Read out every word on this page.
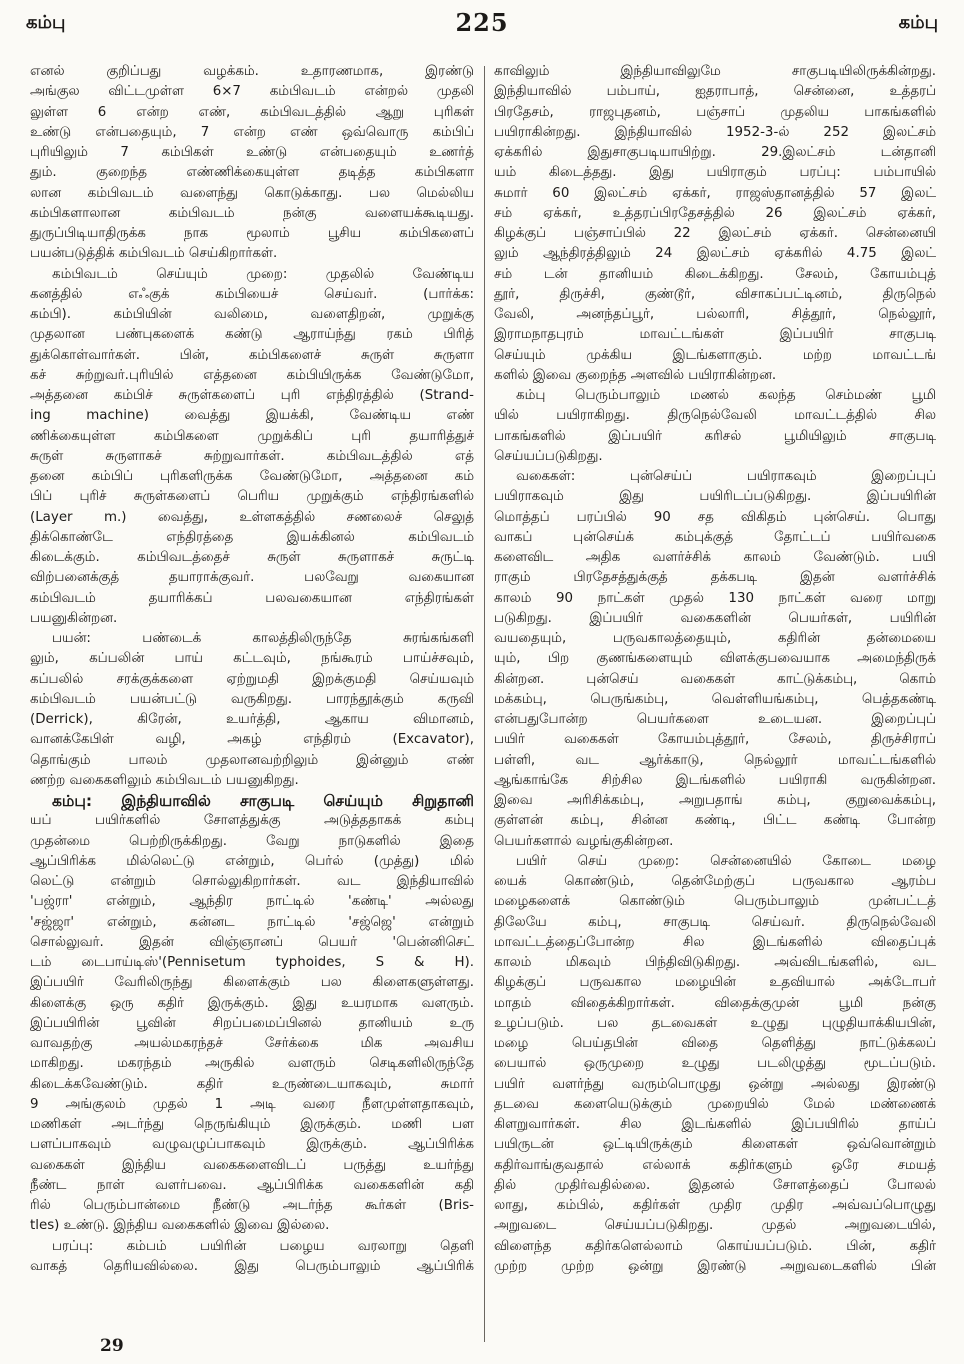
கம்பு	225	கம்பு
எனல் குறிப்பது வழக்கம். உதாரணமாக, இரண்டு
அங்குல விட்டமுள்ள 6×7 கம்பிவடம் என்றல் முதலி
லுள்ள 6 என்ற எண், கம்பிவடத்தில் ஆறு புரிகள்
உண்டு என்பதையும், 7 என்ற எண் ஒவ்வொரு கம்பிப்
புரியிலும் 7 கம்பிகள் உண்டு என்பதையும் உணர்த்
தும். குறைந்த எண்ணிக்கையுள்ள தடித்த கம்பிகளா
லான கம்பிவடம் வளைந்து கொடுக்காது. பல மெல்லிய
கம்பிகளாலான கம்பிவடம் நன்கு வளையக்கூடியது.
துருப்பிடியாதிருக்க நாக மூலாம் பூசிய கம்பிகளைப்
பயன்படுத்திக் கம்பிவடம் செய்கிறார்கள்.
கம்பிவடம் செய்யும் முறை: முதலில் வேண்டிய
கனத்தில் எஃகுக் கம்பியைச் செய்வர். (பார்க்க:
கம்பி). கம்பியின் வலிமை, வளைதிறன், முறுக்கு
முதலான பண்புகளைக் கண்டு ஆராய்ந்து ரகம் பிரித்
துக்கொள்வார்கள். பின், கம்பிகளைச் சுருள் சுருளா
கச் சுற்றுவர்.புரியில் எத்தனை கம்பியிருக்க வேண்டுமோ,
அத்தனை கம்பிச் சுருள்களைப் புரி எந்திரத்தில் (Strand-
ing machine) வைத்து இயக்கி, வேண்டிய எண்
ணிக்கையுள்ள கம்பிகளை முறுக்கிப் புரி தயாரித்துச்
சுருள் சுருளாகச் சுற்றுவார்கள். கம்பிவடத்தில் எத்
தனை கம்பிப் புரிகளிருக்க வேண்டுமோ, அத்தனை கம்
பிப் புரிச் சுருள்களைப் பெரிய முறுக்கும் எந்திரங்களில்
(Layer m.) வைத்து, உள்ளகத்தில் சணலைச் செலுத்
திக்கொண்டே எந்திரத்தை இயக்கினல் கம்பிவடம்
கிடைக்கும். கம்பிவடத்தைச் சுருள் சுருளாகச் சுருட்டி
விற்பனைக்குத் தயாராக்குவர். பலவேறு வகையான
கம்பிவடம் தயாரிக்கப் பலவகையான எந்திரங்கள்
பயனுகின்றன.
பயன்: பண்டைக் காலத்திலிருந்தே சுரங்கங்களி
லும், கப்பலின் பாய் கட்டவும், நங்கூரம் பாய்ச்சவும்,
கப்பலில் சரக்குக்களை ஏற்றுமதி இறக்குமதி செய்யவும்
கம்பிவடம் பயன்பட்டு வருகிறது. பாரந்தூக்கும் கருவி
(Derrick), கிரேன், உயர்த்தி, ஆகாய விமானம்,
வானக்கேபிள் வழி, அகழ் எந்திரம் (Excavator),
தொங்கும் பாலம் முதலானவற்றிலும் இன்னும் எண்
ணற்ற வகைகளிலும் கம்பிவடம் பயனுகிறது.
கம்பு: இந்தியாவில் சாகுபடி செய்யும் சிறுதானி
யப் பயிர்களில் சோளத்துக்கு அடுத்ததாகக் கம்பு
முதன்மை பெற்றிருக்கிறது. வேறு நாடுகளில் இதை
ஆப்பிரிக்க மில்லெட்டு என்றும், பெர்ல் (முத்து) மில்
லெட்டு என்றும் சொல்லுகிறார்கள். வட இந்தியாவில்
'பஜ்ரா' என்றும், ஆந்திர நாட்டில் 'கண்டி' அல்லது
'சஜ்ஜா' என்றும், கன்னட நாட்டில் 'சஜ்ஜெ' என்றும்
சொல்லுவர். இதன் விஞ்ஞானப் பெயர் 'பென்னிசெட்
டம் டைபாய்டிஸ்'(Pennisetum typhoides, S & H).
இப்பயிர் வேரிலிருந்து கிளைக்கும் பல கிளைகளுள்ளது.
கிளைக்கு ஒரு கதிர் இருக்கும். இது உயரமாக வளரும்.
இப்பயிரின் பூவின் சிறப்பமைப்பினல் தானியம் உரு
வாவதற்கு அயல்மகரந்தச் சேர்க்கை மிக அவசிய
மாகிறது. மகரந்தம் அருகில் வளரும் செடிகளிலிருந்தே
கிடைக்கவேண்டும். கதிர் உருண்டையாகவும், சுமார்
9 அங்குலம் முதல் 1 அடி வரை நீளமுள்ளதாகவும்,
மணிகள் அடர்ந்து நெருங்கியும் இருக்கும். மணி பள
பளப்பாகவும் வழுவழுப்பாகவும் இருக்கும். ஆப்பிரிக்க
வகைகள் இந்திய வகைகளைவிடப் பருத்து உயர்ந்து
நீண்ட நாள் வளர்பவை. ஆப்பிரிக்க வகைகளின் கதி
ரில் பெரும்பான்மை நீண்டு அடர்ந்த கூர்கள் (Bris-
tles) உண்டு. இந்திய வகைகளில் இவை இல்லை.
பரப்பு: கம்பம் பயிரின் பழைய வரலாறு தெளி
வாகத் தெரியவில்லை. இது பெரும்பாலும் ஆப்பிரிக்
காவிலும் இந்தியாவிலுமே சாகுபடியிலிருக்கின்றது.
இந்தியாவில் பம்பாய், ஐதராபாத், சென்னை, உத்தரப்
பிரதேசம், ராஜபுதனம், பஞ்சாப் முதலிய பாகங்களில்
பயிராகின்றது. இந்தியாவில் 1952-3-ல் 252 இலட்சம்
ஏக்கரில் இதுசாகுபடியாயிற்று. 29.இலட்சம் டன்தானி
யம் கிடைத்தது. இது பயிராகும் பரப்பு: பம்பாயில்
சுமார் 60 இலட்சம் ஏக்கர், ராஜஸ்தானத்தில் 57 இலட்
சம் ஏக்கர், உத்தரப்பிரதேசத்தில் 26 இலட்சம் ஏக்கர்,
கிழக்குப் பஞ்சாப்பில் 22 இலட்சம் ஏக்கர். சென்னையி
லும் ஆந்திரத்திலும் 24 இலட்சம் ஏக்கரில் 4.75 இலட்
சம் டன் தானியம் கிடைக்கிறது. சேலம், கோயம்புத்
தூர், திருச்சி, குண்டூர், விசாகப்பட்டினம், திருநெல்
வேலி, அனந்தப்பூர், பல்லாரி, சித்தூர், நெல்லூர்,
இராமநாதபுரம் மாவட்டங்கள் இப்பயிர் சாகுபடி
செய்யும் முக்கிய இடங்களாகும். மற்ற மாவட்டங்
களில் இவை குறைந்த அளவில் பயிராகின்றன.
கம்பு பெரும்பாலும் மணல் கலந்த செம்மண் பூமி
யில் பயிராகிறது. திருநெல்வேலி மாவட்டத்தில் சில
பாகங்களில் இப்பயிர் கரிசல் பூமியிலும் சாகுபடி
செய்யப்படுகிறது.
வகைகள்: புன்செய்ப் பயிராகவும் இறைப்புப்
பயிராகவும் இது பயிரிடப்படுகிறது. இப்பயிரின்
மொத்தப் பரப்பில் 90 சத விகிதம் புன்செய். பொது
வாகப் புன்செய்க் கம்புக்குத் தோட்டப் பயிர்வகை
களைவிட அதிக வளர்ச்சிக் காலம் வேண்டும். பயி
ராகும் பிரதேசத்துக்குத் தக்கபடி இதன் வளர்ச்சிக்
காலம் 90 நாட்கள் முதல் 130 நாட்கள் வரை மாறு
படுகிறது. இப்பயிர் வகைகளின் பெயர்கள், பயிரின்
வயதையும், பருவகாலத்தையும், கதிரின் தன்மையை
யும், பிற குணங்களையும் விளக்குபவையாக அமைந்திருக்
கின்றன. புன்செய் வகைகள் காட்டுக்கம்பு, கொம்
மக்கம்பு, பெருங்கம்பு, வெள்ளியங்கம்பு, பெத்தகண்டி
என்பதுபோன்ற பெயர்களை உடையன. இறைப்புப்
பயிர் வகைகள் கோயம்புத்தூர், சேலம், திருச்சிராப்
பள்ளி, வட ஆர்க்காடு, நெல்லூர் மாவட்டங்களில்
ஆங்காங்கே சிற்சில இடங்களில் பயிராகி வருகின்றன.
இவை அரிசிக்கம்பு, அறுபதாங் கம்பு, குறுவைக்கம்பு,
குள்ளன் கம்பு, சின்ன கண்டி, பிட்ட கண்டி போன்ற
பெயர்களால் வழங்குகின்றன.
பயிர் செய் முறை: சென்னையில் கோடை மழை
யைக் கொண்டும், தென்மேற்குப் பருவகால ஆரம்ப
மழைகளைக் கொண்டும் பெரும்பாலும் முன்பட்டத்
திலேயே கம்பு, சாகுபடி செய்வர். திருநெல்வேலி
மாவட்டத்தைப்போன்ற சில இடங்களில் விதைப்புக்
காலம் மிகவும் பிந்திவிடுகிறது. அவ்விடங்களில், வட
கிழக்குப் பருவகால மழையின் உதவியால் அக்டோபர்
மாதம் விதைக்கிறார்கள். விதைக்குமுன் பூமி நன்கு
உழப்படும். பல தடவைகள் உழுது புழுதியாக்கியபின்,
மழை பெய்தபின் விதை தெளித்து நாட்டுக்கலப்
பையால் ஒருமுறை உழுது படலிழுத்து மூடப்படும்.
பயிர் வளர்ந்து வரும்பொழுது ஒன்று அல்லது இரண்டு
தடவை களையெடுக்கும் முறையில் மேல் மண்ணைக்
கிளறுவார்கள். சில இடங்களில் இப்பயிரில் தாய்ப்
பயிருடன் ஒட்டியிருக்கும் கிளைகள் ஒவ்வொன்றும்
கதிர்வாங்குவதால் எல்லாக் கதிர்களும் ஒரே சமயத்
தில் முதிர்வதில்லை. இதனல் சோளத்தைப் போலல்
லாது, கம்பில், கதிர்கள் முதிர முதிர அவ்வப்பொழுது
அறுவடை செய்யப்படுகிறது. முதல் அறுவடையில்,
விளைந்த கதிர்களெல்லாம் கொய்யப்படும். பின், கதிர்
முற்ற முற்ற ஒன்று இரண்டு அறுவடைகளில் பின்
29
